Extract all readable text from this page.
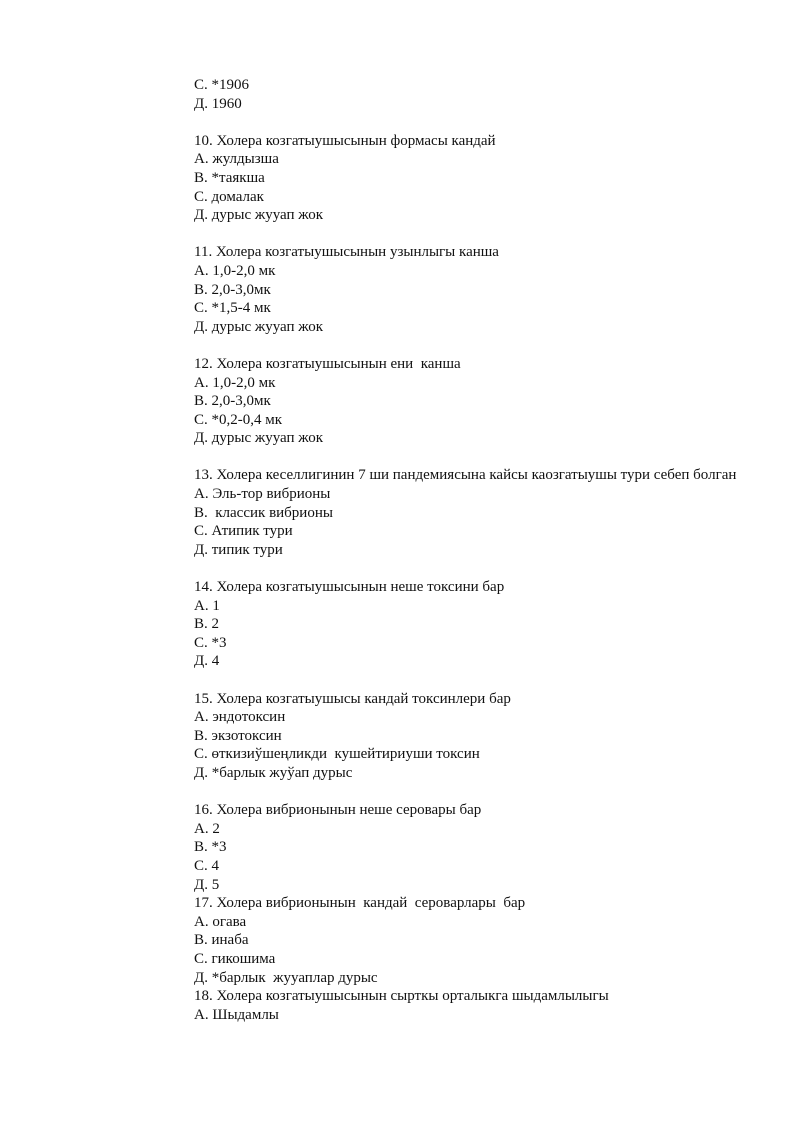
С. *1906

Д. 1960

10. Холера козгатыушысынын формасы кандай

А. жулдызша

В. *таякша

С. домалак

Д. дурыс жууап жок

11. Холера козгатыушысынын узынлыгы канша

А. 1,0-2,0 мк

В. 2,0-3,0мк

С. *1,5-4 мк

Д. дурыс жууап жок

12. Холера козгатыушысынын ени  канша

А. 1,0-2,0 мк

В. 2,0-3,0мк

С. *0,2-0,4 мк

Д. дурыс жууап жок

13. Холера кеселлигинин 7 ши пандемиясына кайсы каозгатыушы тури себеп болган

А. Эль-тор вибрионы

В.  классик вибрионы

С. Атипик тури

Д. типик тури

14. Холера козгатыушысынын неше токсини бар

А. 1

В. 2

С. *3

Д. 4

15. Холера козгатыушысы кандай токсинлери бар

А. эндотоксин

В. экзотоксин

С. өткизиўшеңликди  кушейтириуши токсин

Д. *барлык жуўап дурыс

16. Холера вибрионынын неше серовары бар

А. 2

В. *3

С. 4

Д. 5

17. Холера вибрионынын  кандай  сероварлары  бар

А. огава

В. инаба

С. гикошима

Д. *барлык  жууаплар дурыс

18. Холера козгатыушысынын сырткы орталыкга шыдамлылыгы

А. Шыдамлы
